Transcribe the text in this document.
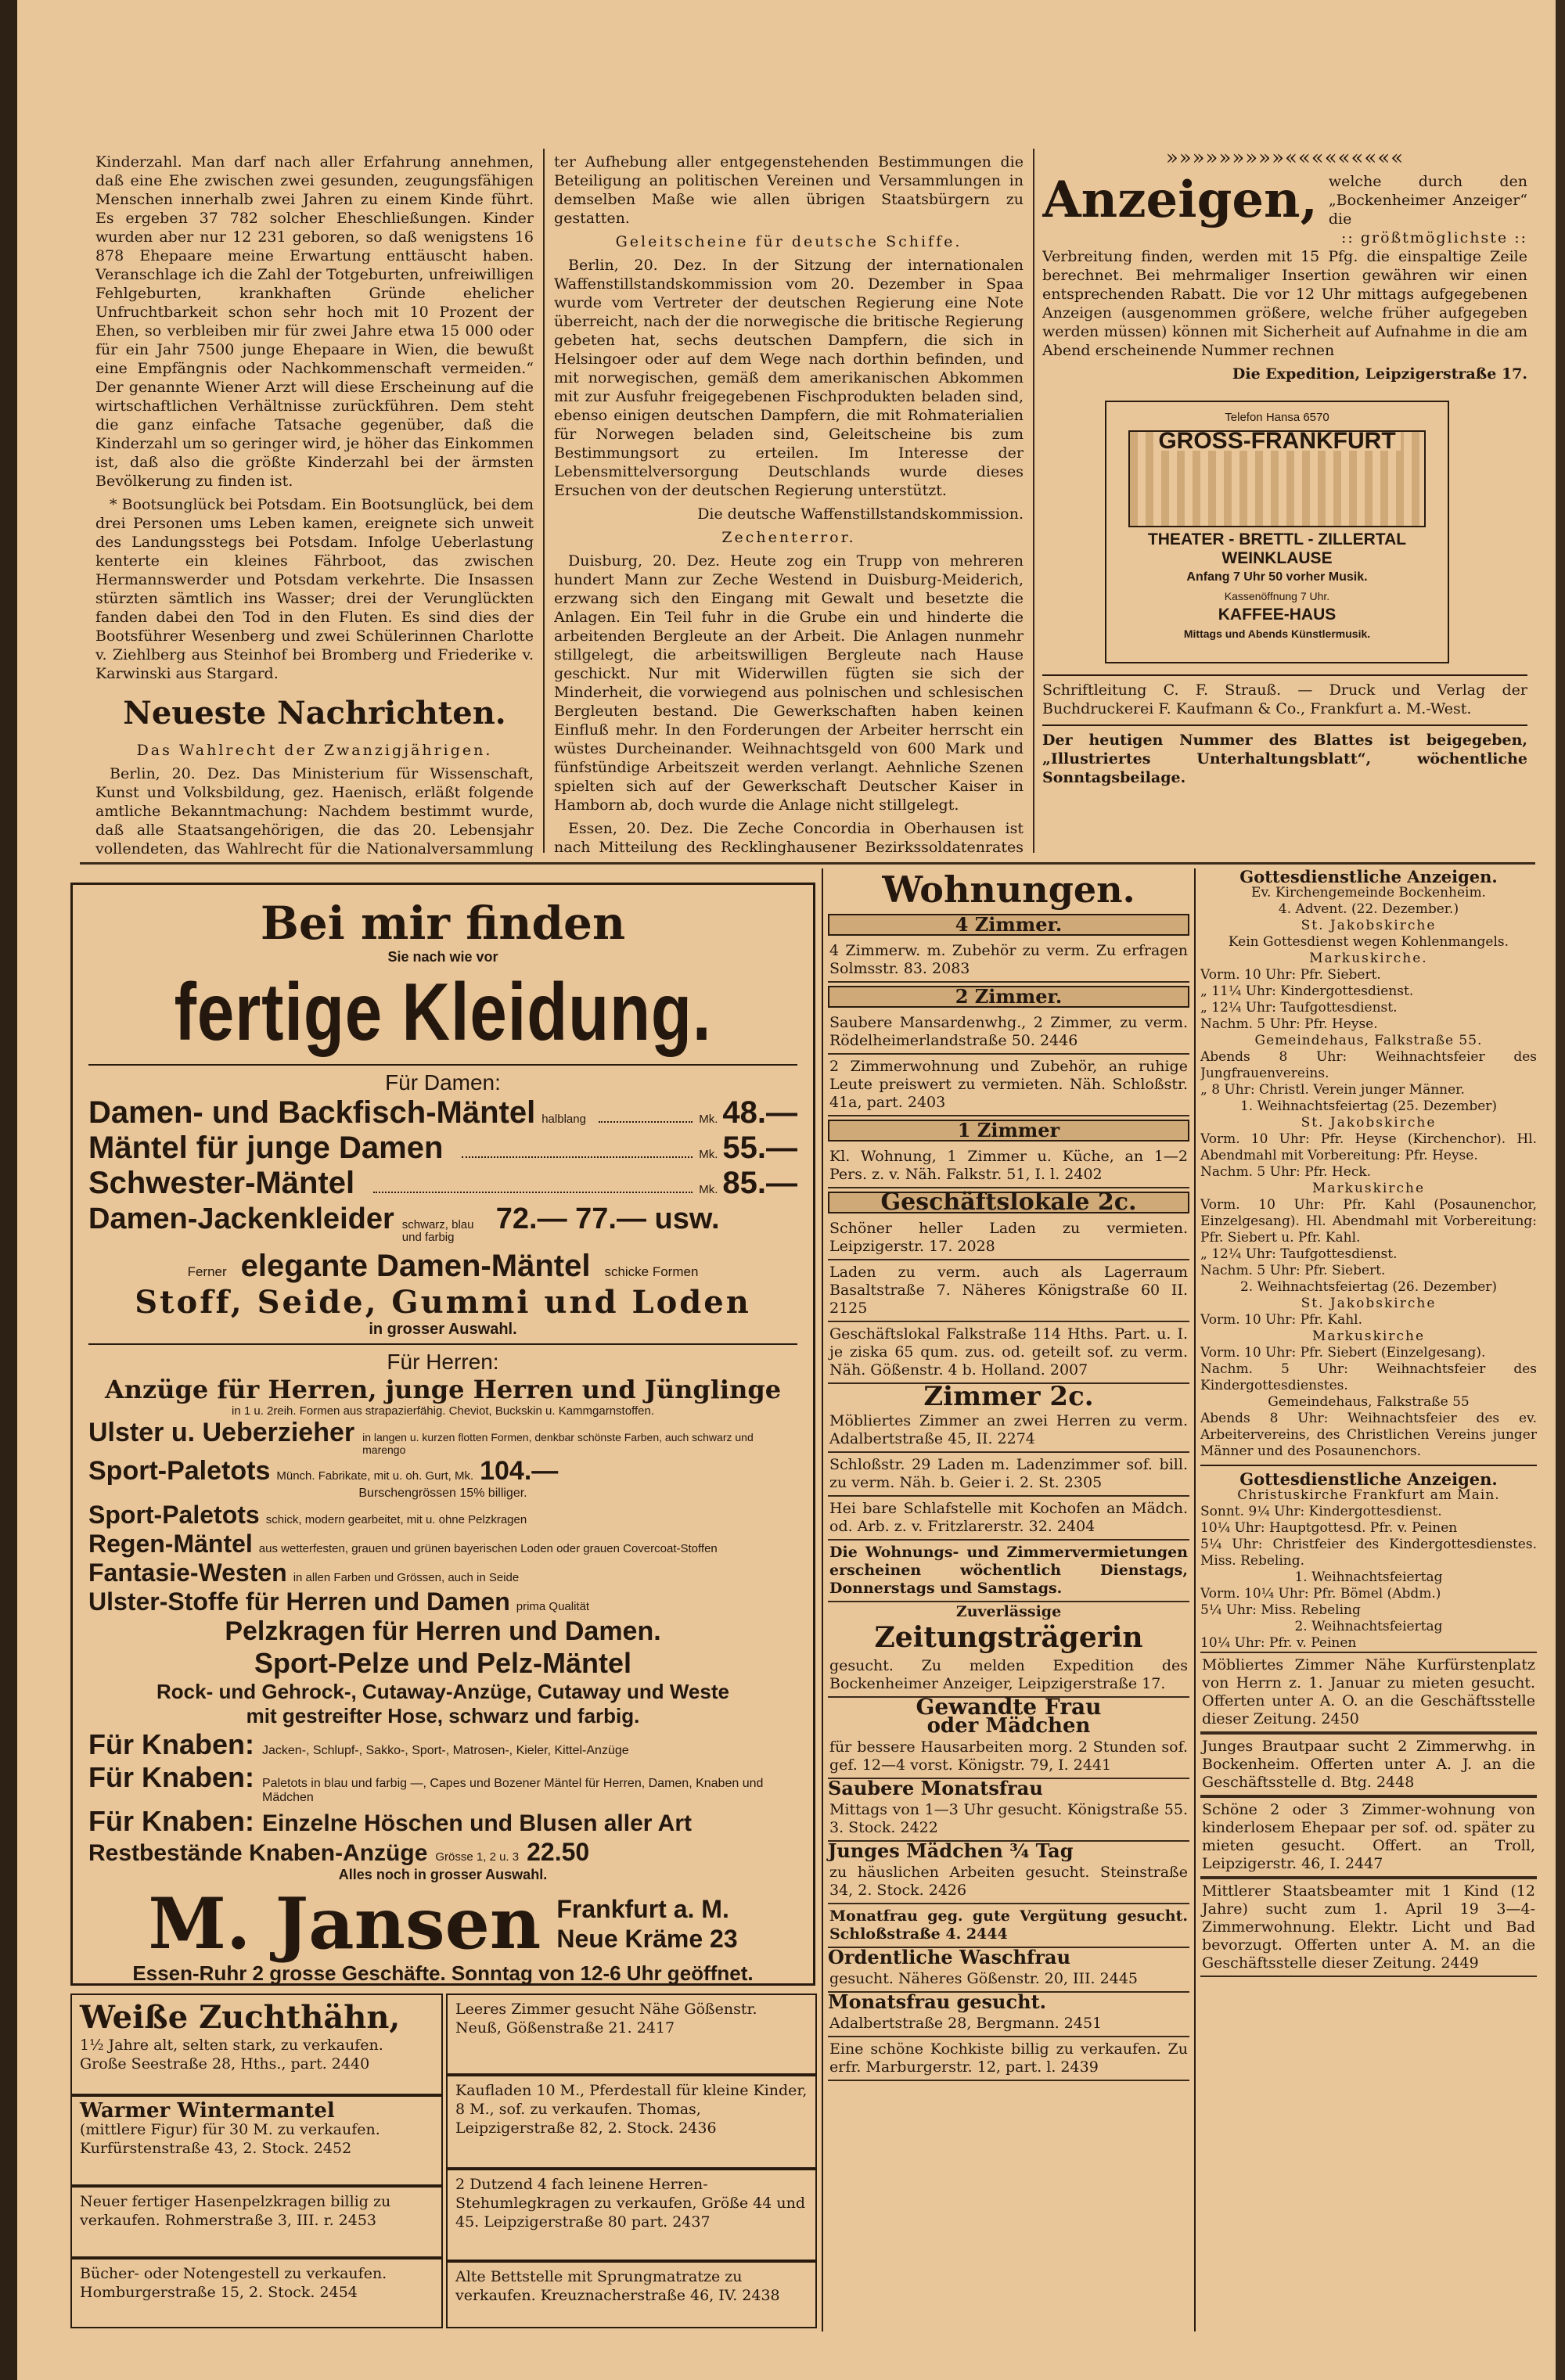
Kinderzahl. Man darf nach aller Erfahrung annehmen, daß eine Ehe zwischen zwei gesunden, zeugungsfähigen Menschen innerhalb zwei Jahren zu einem Kinde führt. Es ergeben 37 782 solcher Eheschließungen. Kinder wurden aber nur 12 231 geboren, so daß wenigstens 16 878 Ehepaare meine Erwartung enttäuscht haben. Veranschlage ich die Zahl der Totgeburten, unfreiwilligen Fehlgeburten, krankhaften Gründe ehelicher Unfruchtbarkeit schon sehr hoch mit 10 Prozent der Ehen, so verbleiben mir für zwei Jahre etwa 15 000 oder für ein Jahr 7500 junge Ehepaare in Wien, die bewußt eine Empfängnis oder Nachkommenschaft vermeiden.“ Der genannte Wiener Arzt will diese Erscheinung auf die wirtschaftlichen Verhältnisse zurückführen. Dem steht die ganz einfache Tatsache gegenüber, daß die Kinderzahl um so geringer wird, je höher das Einkommen ist, daß also die größte Kinderzahl bei der ärmsten Bevölkerung zu finden ist.

* Bootsunglück bei Potsdam. Ein Bootsunglück, bei dem drei Personen ums Leben kamen, ereignete sich unweit des Landungsstegs bei Potsdam. Infolge Ueberlastung kenterte ein kleines Fährboot, das zwischen Hermannswerder und Potsdam verkehrte. Die Insassen stürzten sämtlich ins Wasser; drei der Verunglückten fanden dabei den Tod in den Fluten. Es sind dies der Bootsführer Wesenberg und zwei Schülerinnen Charlotte v. Ziehlberg aus Steinhof bei Bromberg und Friederike v. Karwinski aus Stargard.

Neueste Nachrichten.
Das Wahlrecht der Zwanzigjährigen.

Berlin, 20. Dez. Das Ministerium für Wissenschaft, Kunst und Volksbildung, gez. Haenisch, erläßt folgende amtliche Bekanntmachung: Nachdem bestimmt wurde, daß alle Staatsangehörigen, die das 20. Lebensjahr vollendeten, das Wahlrecht für die Nationalversammlung

ter Aufhebung aller entgegenstehenden Bestimmungen die Beteiligung an politischen Vereinen und Versammlungen in demselben Maße wie allen übrigen Staatsbürgern zu gestatten.

Geleitscheine für deutsche Schiffe.

Berlin, 20. Dez. In der Sitzung der internationalen Waffenstillstandskommission vom 20. Dezember in Spaa wurde vom Vertreter der deutschen Regierung eine Note überreicht, nach der die norwegische die britische Regierung gebeten hat, sechs deutschen Dampfern, die sich in Helsingoer oder auf dem Wege nach dorthin befinden, und mit norwegischen, gemäß dem amerikanischen Abkommen mit zur Ausfuhr freigegebenen Fischprodukten beladen sind, ebenso einigen deutschen Dampfern, die mit Rohmaterialien für Norwegen beladen sind, Geleitscheine bis zum Bestimmungsort zu erteilen. Im Interesse der Lebensmittelversorgung Deutschlands wurde dieses Ersuchen von der deutschen Regierung unterstützt.

Die deutsche Waffenstillstandskommission.
Zechenterror.

Duisburg, 20. Dez. Heute zog ein Trupp von mehreren hundert Mann zur Zeche Westend in Duisburg-Meiderich, erzwang sich den Eingang mit Gewalt und besetzte die Anlagen. Ein Teil fuhr in die Grube ein und hinderte die arbeitenden Bergleute an der Arbeit. Die Anlagen nunmehr stillgelegt, die arbeitswilligen Bergleute nach Hause geschickt. Nur mit Widerwillen fügten sie sich der Minderheit, die vorwiegend aus polnischen und schlesischen Bergleuten bestand. Die Gewerkschaften haben keinen Einfluß mehr. In den Forderungen der Arbeiter herrscht ein wüstes Durcheinander. Weihnachtsgeld von 600 Mark und fünfstündige Arbeitszeit werden verlangt. Aehnliche Szenen spielten sich auf der Gewerkschaft Deutscher Kaiser in Hamborn ab, doch wurde die Anlage nicht stillgelegt.

Essen, 20. Dez. Die Zeche Concordia in Oberhausen ist nach Mitteilung des Recklinghausener Bezirkssoldatenrates

»»»»»»»»»«««««««««
Anzeigen, welche durch den „Bockenheimer Anzeiger“ die
:: größtmöglichste ::

Verbreitung finden, werden mit 15 Pfg. die einspaltige Zeile berechnet. Bei mehrmaliger Insertion gewähren wir einen entsprechenden Rabatt. Die vor 12 Uhr mittags aufgegebenen Anzeigen (ausgenommen größere, welche früher aufgegeben werden müssen) können mit Sicherheit auf Aufnahme in die am Abend erscheinende Nummer rechnen

Die Expedition, Leipzigerstraße 17.
Telefon Hansa 6570
GROSS-FRANKFURT
THEATER - BRETTL - ZILLERTAL
WEINKLAUSE
Anfang 7 Uhr 50 vorher Musik.
Kassenöffnung 7 Uhr.
KAFFEE-HAUS
Mittags und Abends Künstlermusik.
Schriftleitung C. F. Strauß. — Druck und Verlag der Buchdruckerei F. Kaufmann & Co., Frankfurt a. M.-West.
Der heutigen Nummer des Blattes ist beigegeben, „Illustriertes Unterhaltungsblatt“, wöchentliche Sonntagsbeilage.
Bei mir finden
Sie nach wie vor
fertige Kleidung.
Für Damen:
Damen- und Backfisch-Mäntel halblang	Mk. 48.—
Mäntel für junge Damen	Mk. 55.—
Schwester-Mäntel	Mk. 85.—
Damen-Jackenkleider schwarz, blau und farbig
72.— 77.— usw.
Ferner elegante Damen-Mäntel schicke Formen
Stoff, Seide, Gummi und Loden
in grosser Auswahl.
Für Herren:
Anzüge für Herren, junge Herren und Jünglinge
in 1 u. 2reih. Formen aus strapazierfähig. Cheviot, Buckskin u. Kammgarnstoffen.
Ulster u. Ueberzieher in langen u. kurzen flotten Formen, denkbar schönste Farben, auch schwarz und marengo
Sport-Paletots Münch. Fabrikate, mit u. oh. Gurt, Mk. 104.—
Burschengrössen 15% billiger.
Sport-Paletots schick, modern gearbeitet, mit u. ohne Pelzkragen
Regen-Mäntel aus wetterfesten, grauen und grünen bayerischen Loden oder grauen Covercoat-Stoffen
Fantasie-Westen in allen Farben und Grössen, auch in Seide
Ulster-Stoffe für Herren und Damen prima Qualität
Pelzkragen für Herren und Damen.
Sport-Pelze und Pelz-Mäntel
Rock- und Gehrock-, Cutaway-Anzüge, Cutaway und Weste
mit gestreifter Hose, schwarz und farbig.
Für Knaben: Jacken-, Schlupf-, Sakko-, Sport-, Matrosen-, Kieler, Kittel-Anzüge
Für Knaben: Paletots in blau und farbig —, Capes und Bozener Mäntel für Herren, Damen, Knaben und Mädchen
Für Knaben: Einzelne Höschen und Blusen aller Art
Restbestände Knaben-Anzüge Grösse 1, 2 u. 3 22.50
Alles noch in grosser Auswahl.
M. Jansen Frankfurt a. M.
Neue Kräme 23
Essen-Ruhr 2 grosse Geschäfte. Sonntag von 12-6 Uhr geöffnet.
Weiße Zuchthähn,
1½ Jahre alt, selten stark, zu verkaufen. Große Seestraße 28, Hths., part. 2440
Warmer Wintermantel
(mittlere Figur) für 30 M. zu verkaufen. Kurfürstenstraße 43, 2. Stock. 2452
Neuer fertiger Hasenpelzkragen billig zu verkaufen. Rohmerstraße 3, III. r. 2453
Bücher- oder Notengestell zu verkaufen. Homburgerstraße 15, 2. Stock. 2454
Leeres Zimmer gesucht Nähe Gößenstr. Neuß, Gößenstraße 21. 2417
Kaufladen 10 M., Pferdestall für kleine Kinder, 8 M., sof. zu verkaufen. Thomas, Leipzigerstraße 82, 2. Stock. 2436
2 Dutzend 4 fach leinene Herren-Stehumlegkragen zu verkaufen, Größe 44 und 45. Leipzigerstraße 80 part. 2437
Alte Bettstelle mit Sprungmatratze zu verkaufen. Kreuznacherstraße 46, IV. 2438
Wohnungen.
4 Zimmer.
4 Zimmerw. m. Zubehör zu verm. Zu erfragen Solmsstr. 83. 2083
2 Zimmer.
Saubere Mansardenwhg., 2 Zimmer, zu verm. Rödelheimerlandstraße 50. 2446
2 Zimmerwohnung und Zubehör, an ruhige Leute preiswert zu vermieten. Näh. Schloßstr. 41a, part. 2403
1 Zimmer
Kl. Wohnung, 1 Zimmer u. Küche, an 1—2 Pers. z. v. Näh. Falkstr. 51, I. l. 2402
Geschäftslokale 2c.
Schöner heller Laden zu vermieten. Leipzigerstr. 17. 2028
Laden zu verm. auch als Lagerraum Basaltstraße 7. Näheres Königstraße 60 II. 2125
Geschäftslokal Falkstraße 114 Hths. Part. u. I. je ziska 65 qum. zus. od. geteilt sof. zu verm. Näh. Gößenstr. 4 b. Holland. 2007
Zimmer 2c.
Möbliertes Zimmer an zwei Herren zu verm. Adalbertstraße 45, II. 2274
Schloßstr. 29 Laden m. Ladenzimmer sof. bill. zu verm. Näh. b. Geier i. 2. St. 2305
Hei bare Schlafstelle mit Kochofen an Mädch. od. Arb. z. v. Fritzlarerstr. 32. 2404
Die Wohnungs- und Zimmervermietungen erscheinen wöchentlich Dienstags, Donnerstags und Samstags.
Zuverlässige
Zeitungsträgerin
gesucht. Zu melden Expedition des Bockenheimer Anzeiger, Leipzigerstraße 17.
Gewandte Frau
oder Mädchen
für bessere Hausarbeiten morg. 2 Stunden sof. gef. 12—4 vorst. Königstr. 79, I. 2441
Saubere Monatsfrau
Mittags von 1—3 Uhr gesucht. Königstraße 55. 3. Stock. 2422
Junges Mädchen ¾ Tag
zu häuslichen Arbeiten gesucht. Steinstraße 34, 2. Stock. 2426
Monatfrau geg. gute Vergütung gesucht. Schloßstraße 4. 2444
Ordentliche Waschfrau
gesucht. Näheres Gößenstr. 20, III. 2445
Monatsfrau gesucht.
Adalbertstraße 28, Bergmann. 2451
Eine schöne Kochkiste billig zu verkaufen. Zu erfr. Marburgerstr. 12, part. l. 2439
Gottesdienstliche Anzeigen.
Ev. Kirchengemeinde Bockenheim.
4. Advent. (22. Dezember.)
St. Jakobskirche
Kein Gottesdienst wegen Kohlenmangels.
Markuskirche.
Vorm. 10 Uhr: Pfr. Siebert.
„ 11¼ Uhr: Kindergottesdienst.
„ 12¼ Uhr: Taufgottesdienst.
Nachm. 5 Uhr: Pfr. Heyse.
Gemeindehaus, Falkstraße 55.
Abends 8 Uhr: Weihnachtsfeier des Jungfrauenvereins.
„ 8 Uhr: Christl. Verein junger Männer.
1. Weihnachtsfeiertag (25. Dezember)
St. Jakobskirche
Vorm. 10 Uhr: Pfr. Heyse (Kirchenchor). Hl. Abendmahl mit Vorbereitung: Pfr. Heyse.
Nachm. 5 Uhr: Pfr. Heck.
Markuskirche
Vorm. 10 Uhr: Pfr. Kahl (Posaunenchor, Einzelgesang). Hl. Abendmahl mit Vorbereitung: Pfr. Siebert u. Pfr. Kahl.
„ 12¼ Uhr: Taufgottesdienst.
Nachm. 5 Uhr: Pfr. Siebert.
2. Weihnachtsfeiertag (26. Dezember)
St. Jakobskirche
Vorm. 10 Uhr: Pfr. Kahl.
Markuskirche
Vorm. 10 Uhr: Pfr. Siebert (Einzelgesang).
Nachm. 5 Uhr: Weihnachtsfeier des Kindergottesdienstes.
Gemeindehaus, Falkstraße 55
Abends 8 Uhr: Weihnachtsfeier des ev. Arbeitervereins, des Christlichen Vereins junger Männer und des Posaunenchors.
Gottesdienstliche Anzeigen.
Christuskirche Frankfurt am Main.
Sonnt. 9¼ Uhr: Kindergottesdienst.
10¼ Uhr: Hauptgottesd. Pfr. v. Peinen
5¼ Uhr: Christfeier des Kindergottesdienstes. Miss. Rebeling.
1. Weihnachtsfeiertag
Vorm. 10¼ Uhr: Pfr. Bömel (Abdm.)
5¼ Uhr: Miss. Rebeling
2. Weihnachtsfeiertag
10¼ Uhr: Pfr. v. Peinen
Möbliertes Zimmer Nähe Kurfürstenplatz von Herrn z. 1. Januar zu mieten gesucht. Offerten unter A. O. an die Geschäftsstelle dieser Zeitung. 2450
Junges Brautpaar sucht 2 Zimmerwhg. in Bockenheim. Offerten unter A. J. an die Geschäftsstelle d. Btg. 2448
Schöne 2 oder 3 Zimmer-wohnung von kinderlosem Ehepaar per sof. od. später zu mieten gesucht. Offert. an Troll, Leipzigerstr. 46, I. 2447
Mittlerer Staatsbeamter mit 1 Kind (12 Jahre) sucht zum 1. April 19 3—4-Zimmerwohnung. Elektr. Licht und Bad bevorzugt. Offerten unter A. M. an die Geschäftsstelle dieser Zeitung. 2449
